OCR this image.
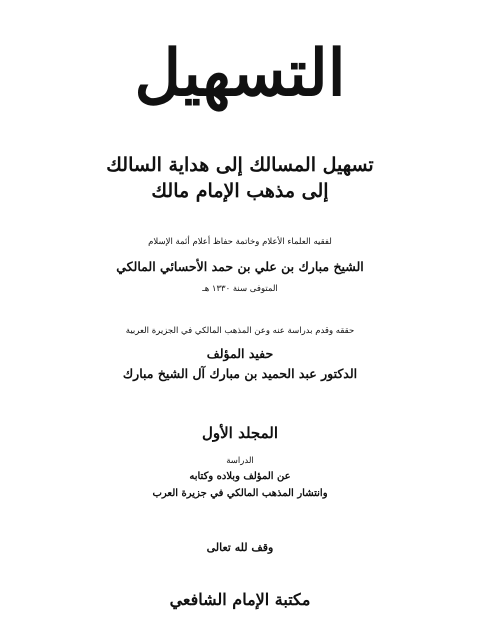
التسهيل
تسهيل المسالك إلى هداية السالك
إلى مذهب الإمام مالك
لفقيه العلماء الأعلام وخاتمة حفاظ أعلام أئمة الإسلام
الشيخ مبارك بن علي بن حمد الأحسائي المالكي
المتوفى سنة ١٣٣٠ هـ
حققه وقدم بدراسة عنه وعن المذهب المالكي في الجزيرة العربية
حفيد المؤلف
الدكتور عبد الحميد بن مبارك آل الشيخ مبارك
المجلد الأول
الدراسة
عن المؤلف وبلاده وكتابه
وانتشار المذهب المالكي في جزيرة العرب
وقف لله تعالى
مكتبة الإمام الشافعي
